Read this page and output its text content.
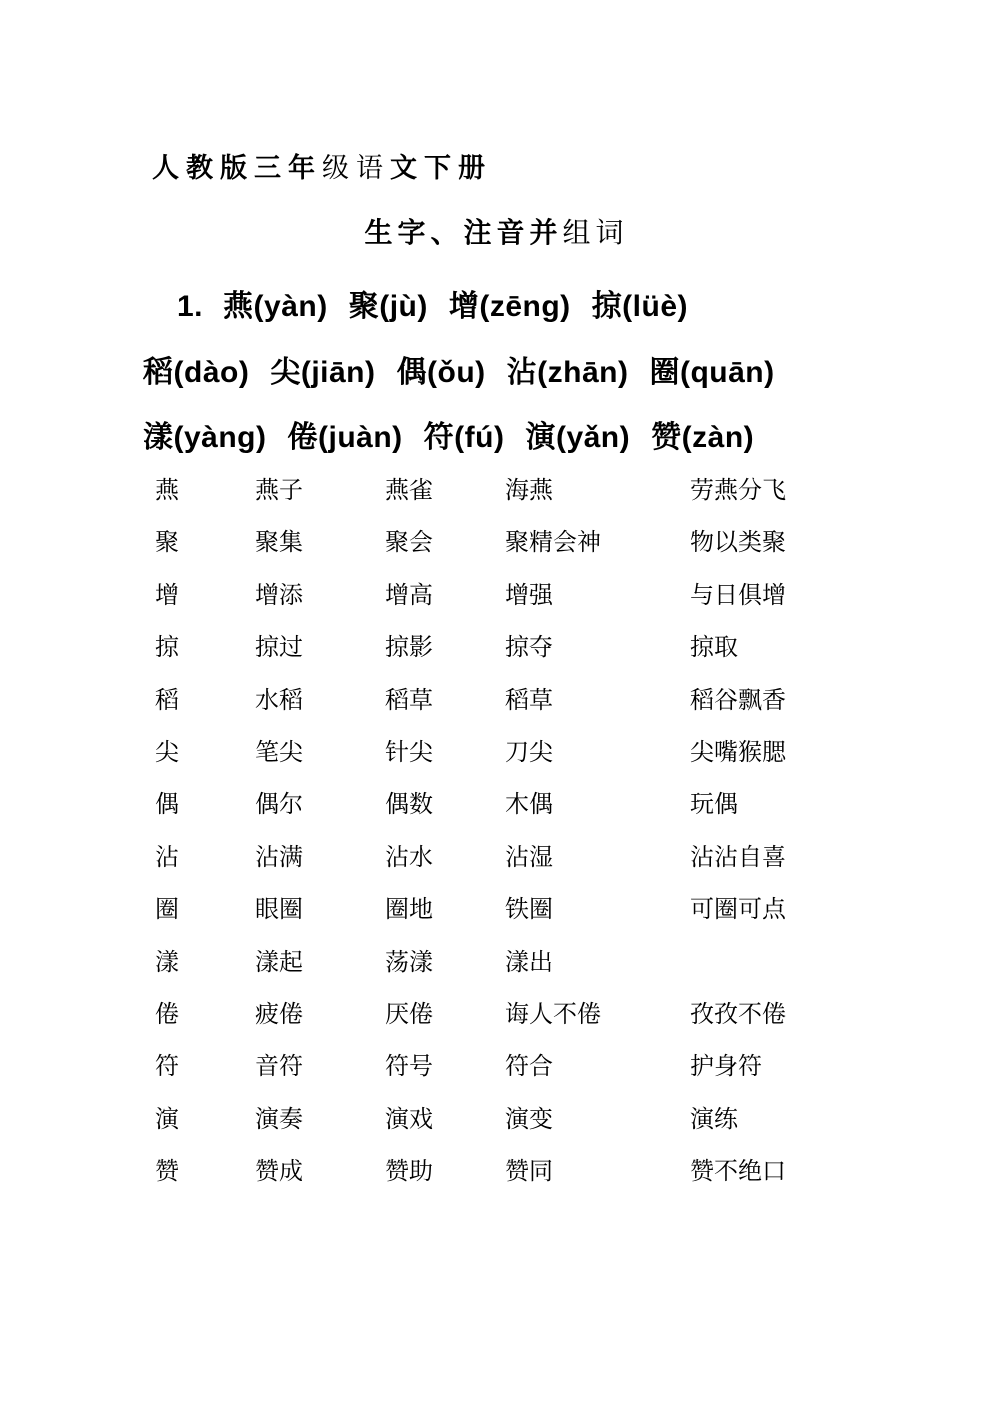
人教版三年级语文下册
生字、注音并组词
1. 燕(yàn) 聚(jù) 增(zēng) 掠(lüè)
稻(dào) 尖(jiān) 偶(ǒu) 沾(zhān) 圈(quān)
漾(yàng) 倦(juàn) 符(fú) 演(yǎn) 赞(zàn)
燕	燕子	燕雀	海燕	劳燕分飞
聚	聚集	聚会	聚精会神	物以类聚
增	增添	增高	增强	与日俱增
掠	掠过	掠影	掠夺	掠取
稻	水稻	稻草	稻草	稻谷飘香
尖	笔尖	针尖	刀尖	尖嘴猴腮
偶	偶尔	偶数	木偶	玩偶
沾	沾满	沾水	沾湿	沾沾自喜
圈	眼圈	圈地	铁圈	可圈可点
漾	漾起	荡漾	漾出
倦	疲倦	厌倦	诲人不倦	孜孜不倦
符	音符	符号	符合	护身符
演	演奏	演戏	演变	演练
赞	赞成	赞助	赞同	赞不绝口
